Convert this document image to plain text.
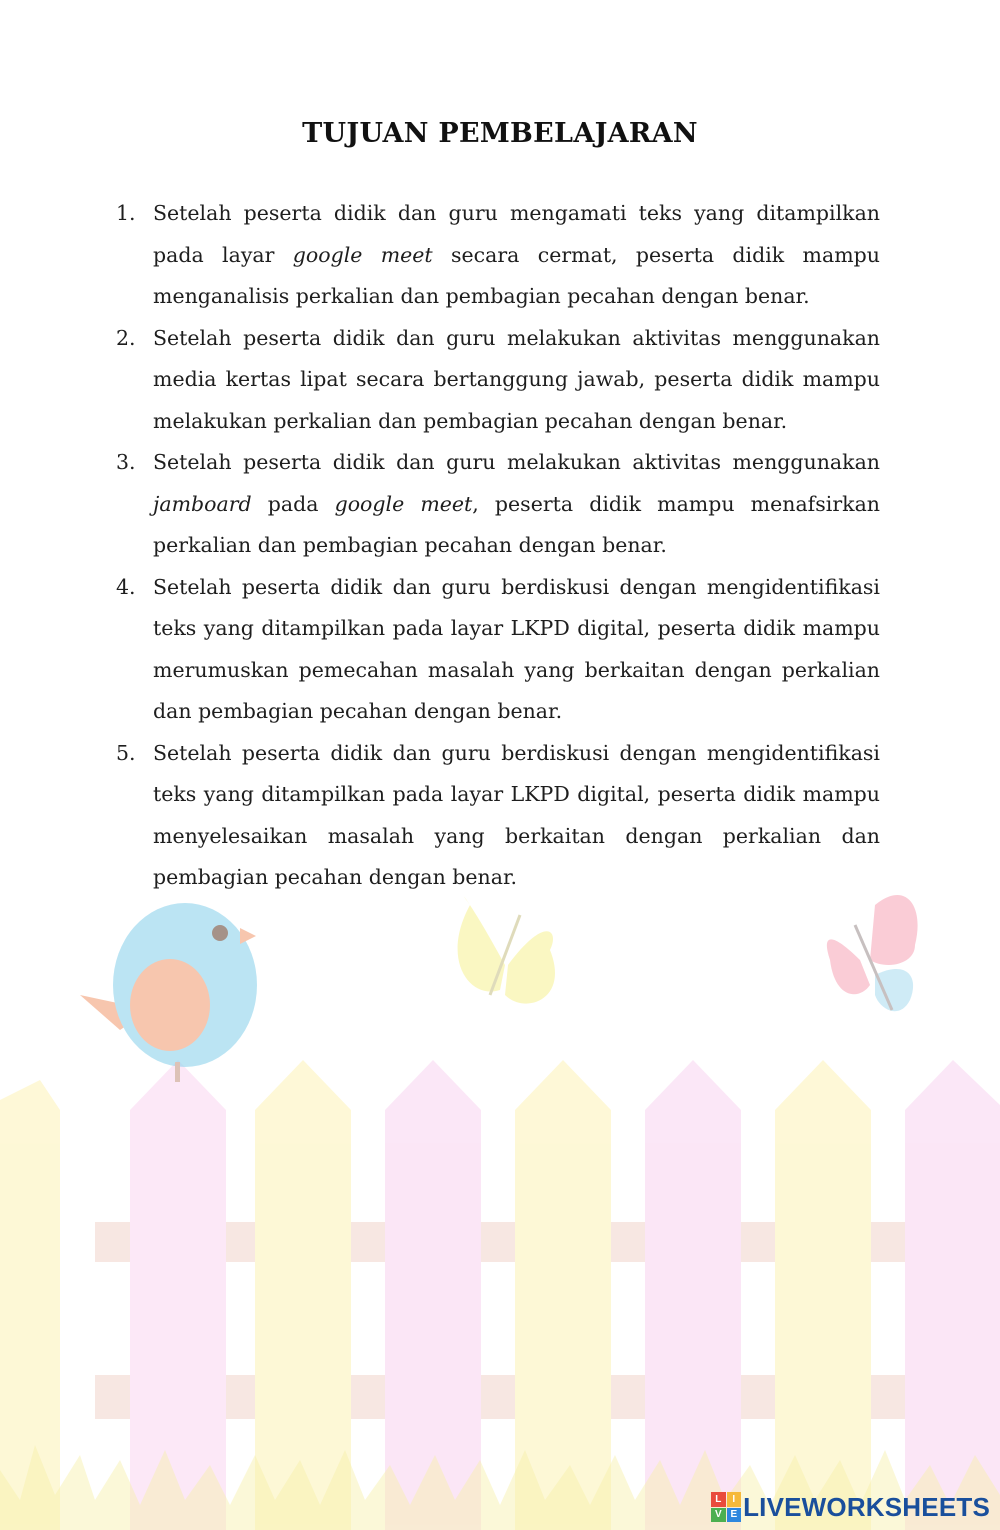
TUJUAN PEMBELAJARAN
1. Setelah peserta didik dan guru mengamati teks yang ditampilkan pada layar google meet secara cermat, peserta didik mampu menganalisis perkalian dan pembagian pecahan dengan benar.
2. Setelah peserta didik dan guru melakukan aktivitas menggunakan media kertas lipat secara bertanggung jawab, peserta didik mampu melakukan perkalian dan pembagian pecahan dengan benar.
3. Setelah peserta didik dan guru melakukan aktivitas menggunakan jamboard pada google meet, peserta didik mampu menafsirkan perkalian dan pembagian pecahan dengan benar.
4. Setelah peserta didik dan guru berdiskusi dengan mengidentifikasi teks yang ditampilkan pada layar LKPD digital, peserta didik mampu merumuskan pemecahan masalah yang berkaitan dengan perkalian dan pembagian pecahan dengan benar.
5. Setelah peserta didik dan guru berdiskusi dengan mengidentifikasi teks yang ditampilkan pada layar LKPD digital, peserta didik mampu menyelesaikan masalah yang berkaitan dengan perkalian dan pembagian pecahan dengan benar.
L	I
V E LIVEWORKSHEETS
